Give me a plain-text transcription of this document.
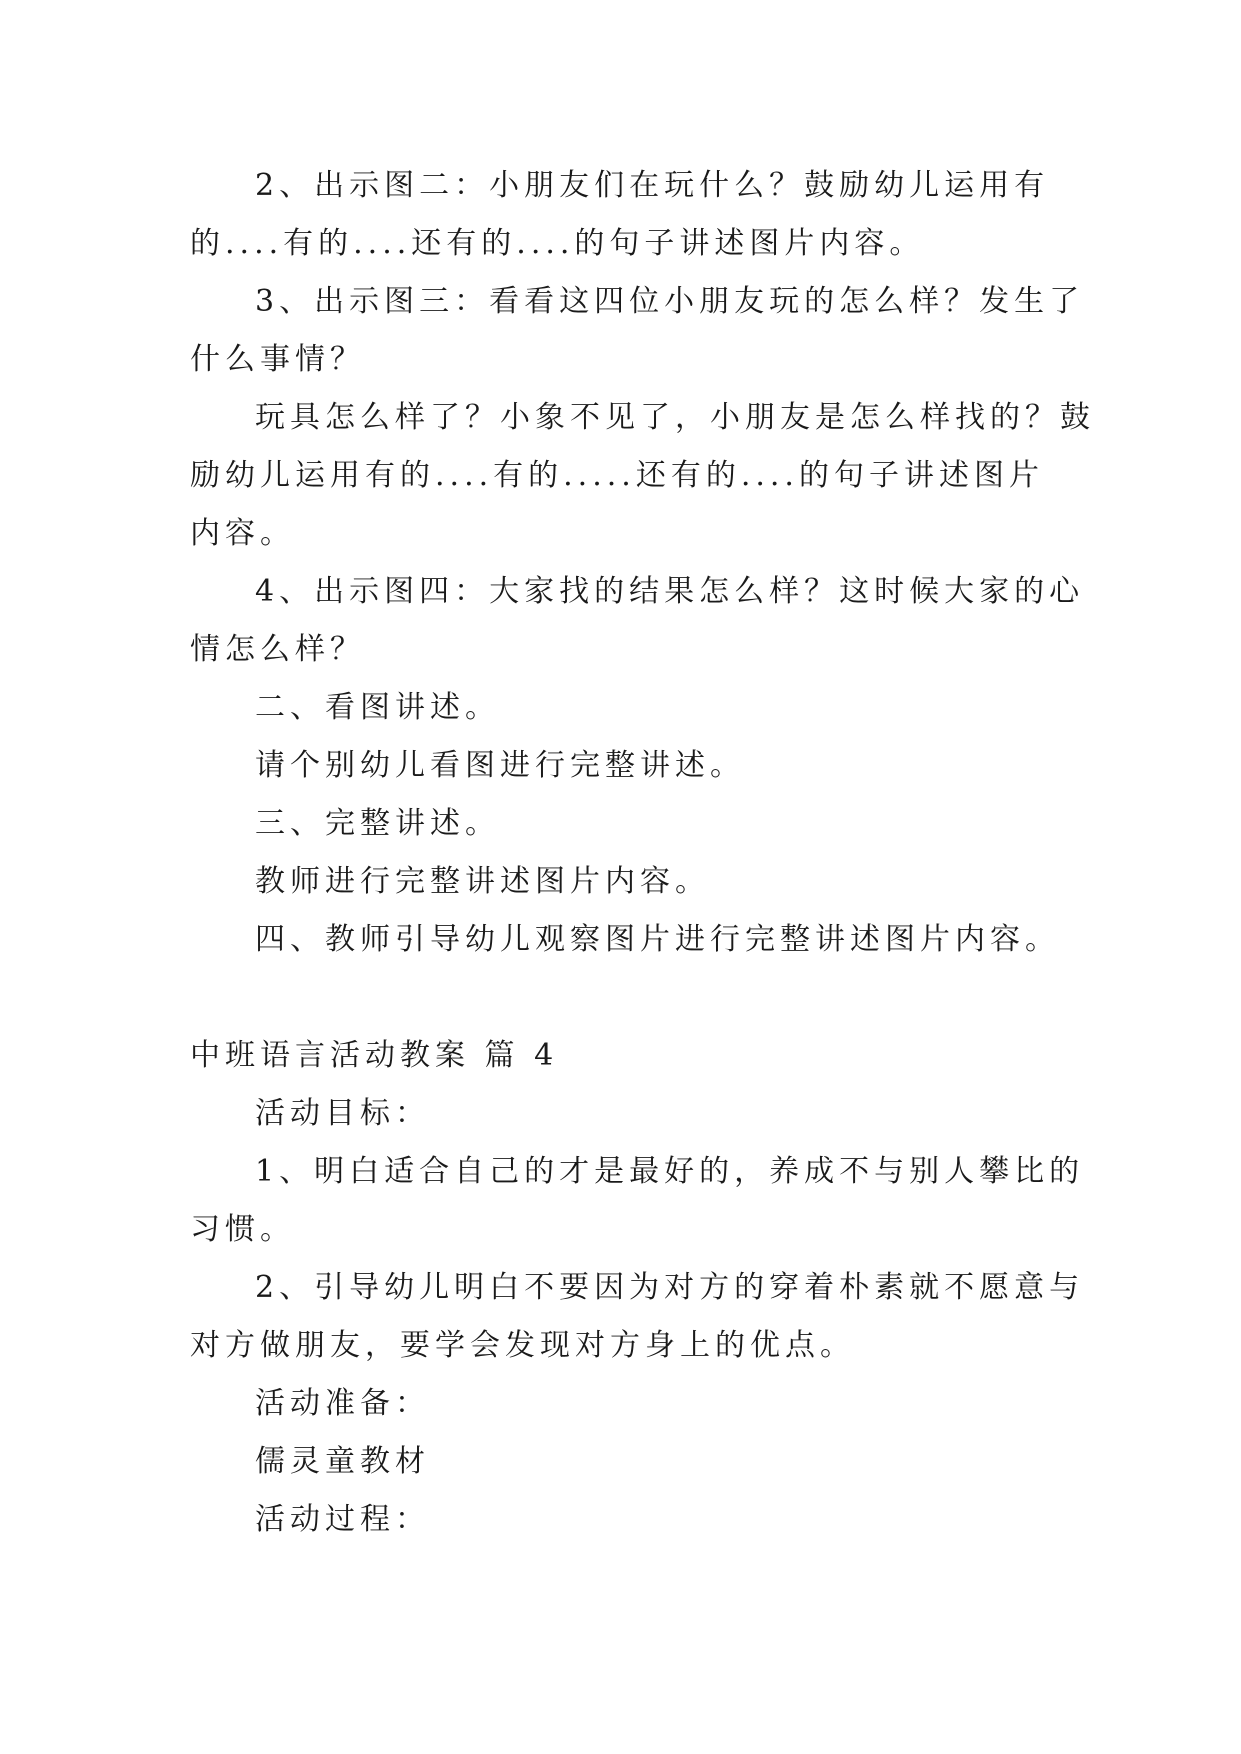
2、出示图二：小朋友们在玩什么？鼓励幼儿运用有
的....有的....还有的....的句子讲述图片内容。
3、出示图三：看看这四位小朋友玩的怎么样？发生了
什么事情？
玩具怎么样了？小象不见了，小朋友是怎么样找的？鼓
励幼儿运用有的....有的.....还有的....的句子讲述图片
内容。
4、出示图四：大家找的结果怎么样？这时候大家的心
情怎么样？
二、看图讲述。
请个别幼儿看图进行完整讲述。
三、完整讲述。
教师进行完整讲述图片内容。
四、教师引导幼儿观察图片进行完整讲述图片内容。
中班语言活动教案 篇 4
活动目标：
1、明白适合自己的才是最好的，养成不与别人攀比的
习惯。
2、引导幼儿明白不要因为对方的穿着朴素就不愿意与
对方做朋友，要学会发现对方身上的优点。
活动准备：
儒灵童教材
活动过程：
